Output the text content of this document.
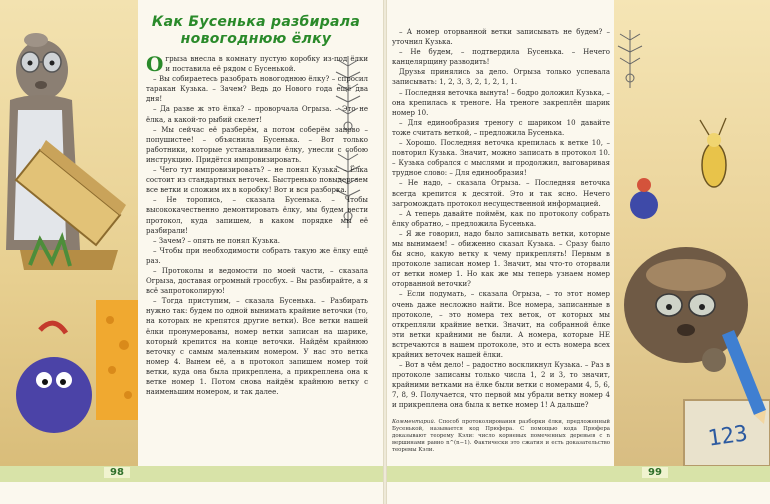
123
Как Бусенька разбирала
новогоднюю ёлку

Огрыза внесла в комнату пустую коробку из-под ёлки и поставила её рядом с Бусенькой.

– Вы собираетесь разобрать новогоднюю ёлку? – спросил таракан Кузька. – Зачем? Ведь до Нового года ещё два дня!

– Да разве ж это ёлка? – проворчала Огрыза. – Это не ёлка, а какой-то рыбий скелет!

– Мы сейчас её разберём, а потом соберём заново – попушистее! – объяснила Бусенька. – Вот только работники, которые устанавливали ёлку, унесли с собою инструкцию. Придётся импровизировать.

– Чего тут импровизировать? – не понял Кузька. – Ёлка состоит из стандартных веточек. Быстренько повыдергаем все ветки и сложим их в коробку! Вот и вся разборка.

– Не торопись, – сказала Бусенька. – Чтобы высококачественно демонтировать ёлку, мы будем вести протокол, куда запишем, в каком порядке мы её разбирали!

– Зачем? – опять не понял Кузька.

– Чтобы при необходимости собрать такую же ёлку ещё раз.

– Протоколы и ведомости по моей части, – сказала Огрыза, доставая огромный гроссбух. – Вы разбирайте, а я всё запротоколирую!

– Тогда приступим, – сказала Бусенька. – Разбирать нужно так: будем по одной вынимать крайние веточки (то, на которых не крепятся другие ветки). Все ветки нашей ёлки пронумерованы, номер ветки записан на шарике, который крепится на конце веточки. Найдём крайнюю веточку с самым маленьким номером. У нас это ветка номер 4. Вынем её, а в протокол запишем номер той ветки, куда она была прикреплена, а прикреплена она к ветке номер 1. Потом снова найдём крайнюю ветку с наименьшим номером, и так далее.

– А номер оторванной ветки записывать не будем? – уточнил Кузька.

– Не будем, – подтвердила Бусенька. – Нечего канцелярщину разводить!

Друзья принялись за дело. Огрыза только успевала записывать: 1, 2, 3, 3, 2, 1, 2, 1, 1.

– Последняя веточка вынута! – бодро доложил Кузька, – она крепилась к треноге. На треноге закреплён шарик номер 10.

– Для единообразия треногу с шариком 10 давайте тоже считать веткой, – предложила Бусенька.

– Хорошо. Последняя веточка крепилась к ветке 10, – повторил Кузька. Значит, можно записать в протокол 10. – Кузька собрался с мыслями и продолжил, выговаривая трудное слово: – Для единообразия!

– Не надо, – сказала Огрыза. – Последняя веточка всегда крепится к десятой. Это и так ясно. Нечего загромождать протокол несущественной информацией.

– А теперь давайте поймём, как по протоколу собрать ёлку обратно, – предложила Бусенька.

– Я же говорил, надо было записывать ветки, которые мы вынимаем! – обиженно сказал Кузька. – Сразу было бы ясно, какую ветку к чему прикреплять! Первым в протоколе записан номер 1. Значит, мы что-то оторвали от ветки номер 1. Но как же мы теперь узнаем номер оторванной веточки?

– Если подумать, – сказала Огрыза, – то этот номер очень даже несложно найти. Все номера, записанные в протоколе, – это номера тех веток, от которых мы открепляли крайние ветки. Значит, на собранной ёлке эти ветки крайними не были. А номера, которые НЕ встречаются в нашем протоколе, это и есть номера всех крайних веточек нашей ёлки.

– Вот в чём дело! – радостно воскликнул Кузька. – Раз в протоколе записаны только числа 1, 2 и 3, то значит, крайними ветками на ёлке были ветки с номерами 4, 5, 6, 7, 8, 9. Получается, что первой мы убрали ветку номер 4 и прикреплена она была к ветке номер 1! А дальше?

Комментарий. Способ протоколирования разборки ёлки, предложенный Бусенькой, называется код Прюфера. С помощью кода Прюфера доказывают теорему Кэли: число корневых помеченных деревьев с n вершинами равно n^(n−1). Фактически это сжатия и есть доказательство теоремы Кэли.
98	99
